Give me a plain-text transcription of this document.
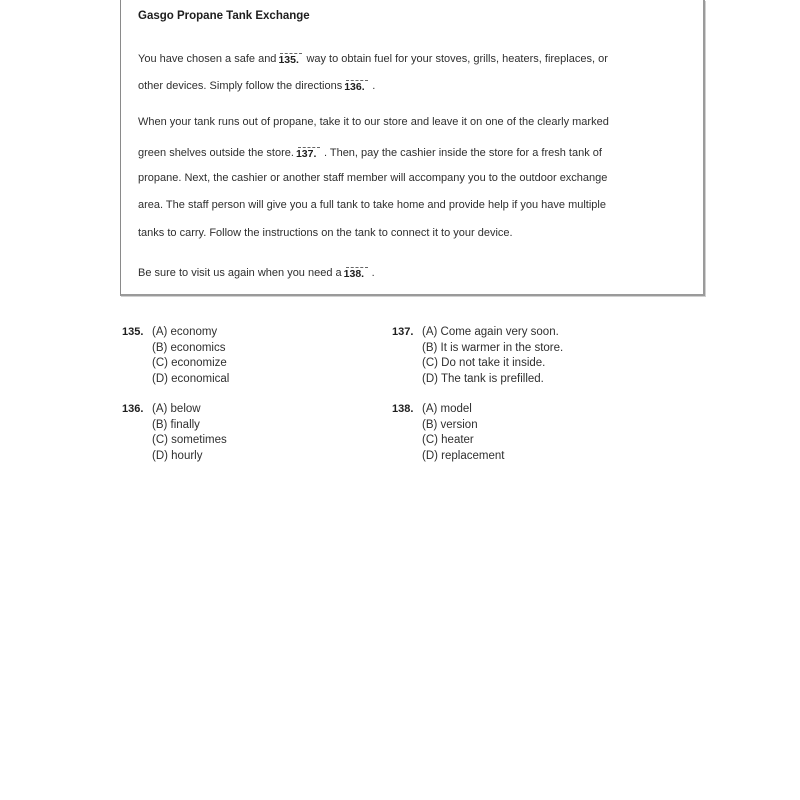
Gasgo Propane Tank Exchange
You have chosen a safe and 135. way to obtain fuel for your stoves, grills, heaters, fireplaces, or
other devices. Simply follow the directions 136. .
When your tank runs out of propane, take it to our store and leave it on one of the clearly marked
green shelves outside the store. 137. . Then, pay the cashier inside the store for a fresh tank of
propane. Next, the cashier or another staff member will accompany you to the outdoor exchange
area. The staff person will give you a full tank to take home and provide help if you have multiple
tanks to carry. Follow the instructions on the tank to connect it to your device.
Be sure to visit us again when you need a 138. .
135. (A) economy
(B) economics
(C) economize
(D) economical
136. (A) below
(B) finally
(C) sometimes
(D) hourly
137. (A) Come again very soon.
(B) It is warmer in the store.
(C) Do not take it inside.
(D) The tank is prefilled.
138. (A) model
(B) version
(C) heater
(D) replacement
